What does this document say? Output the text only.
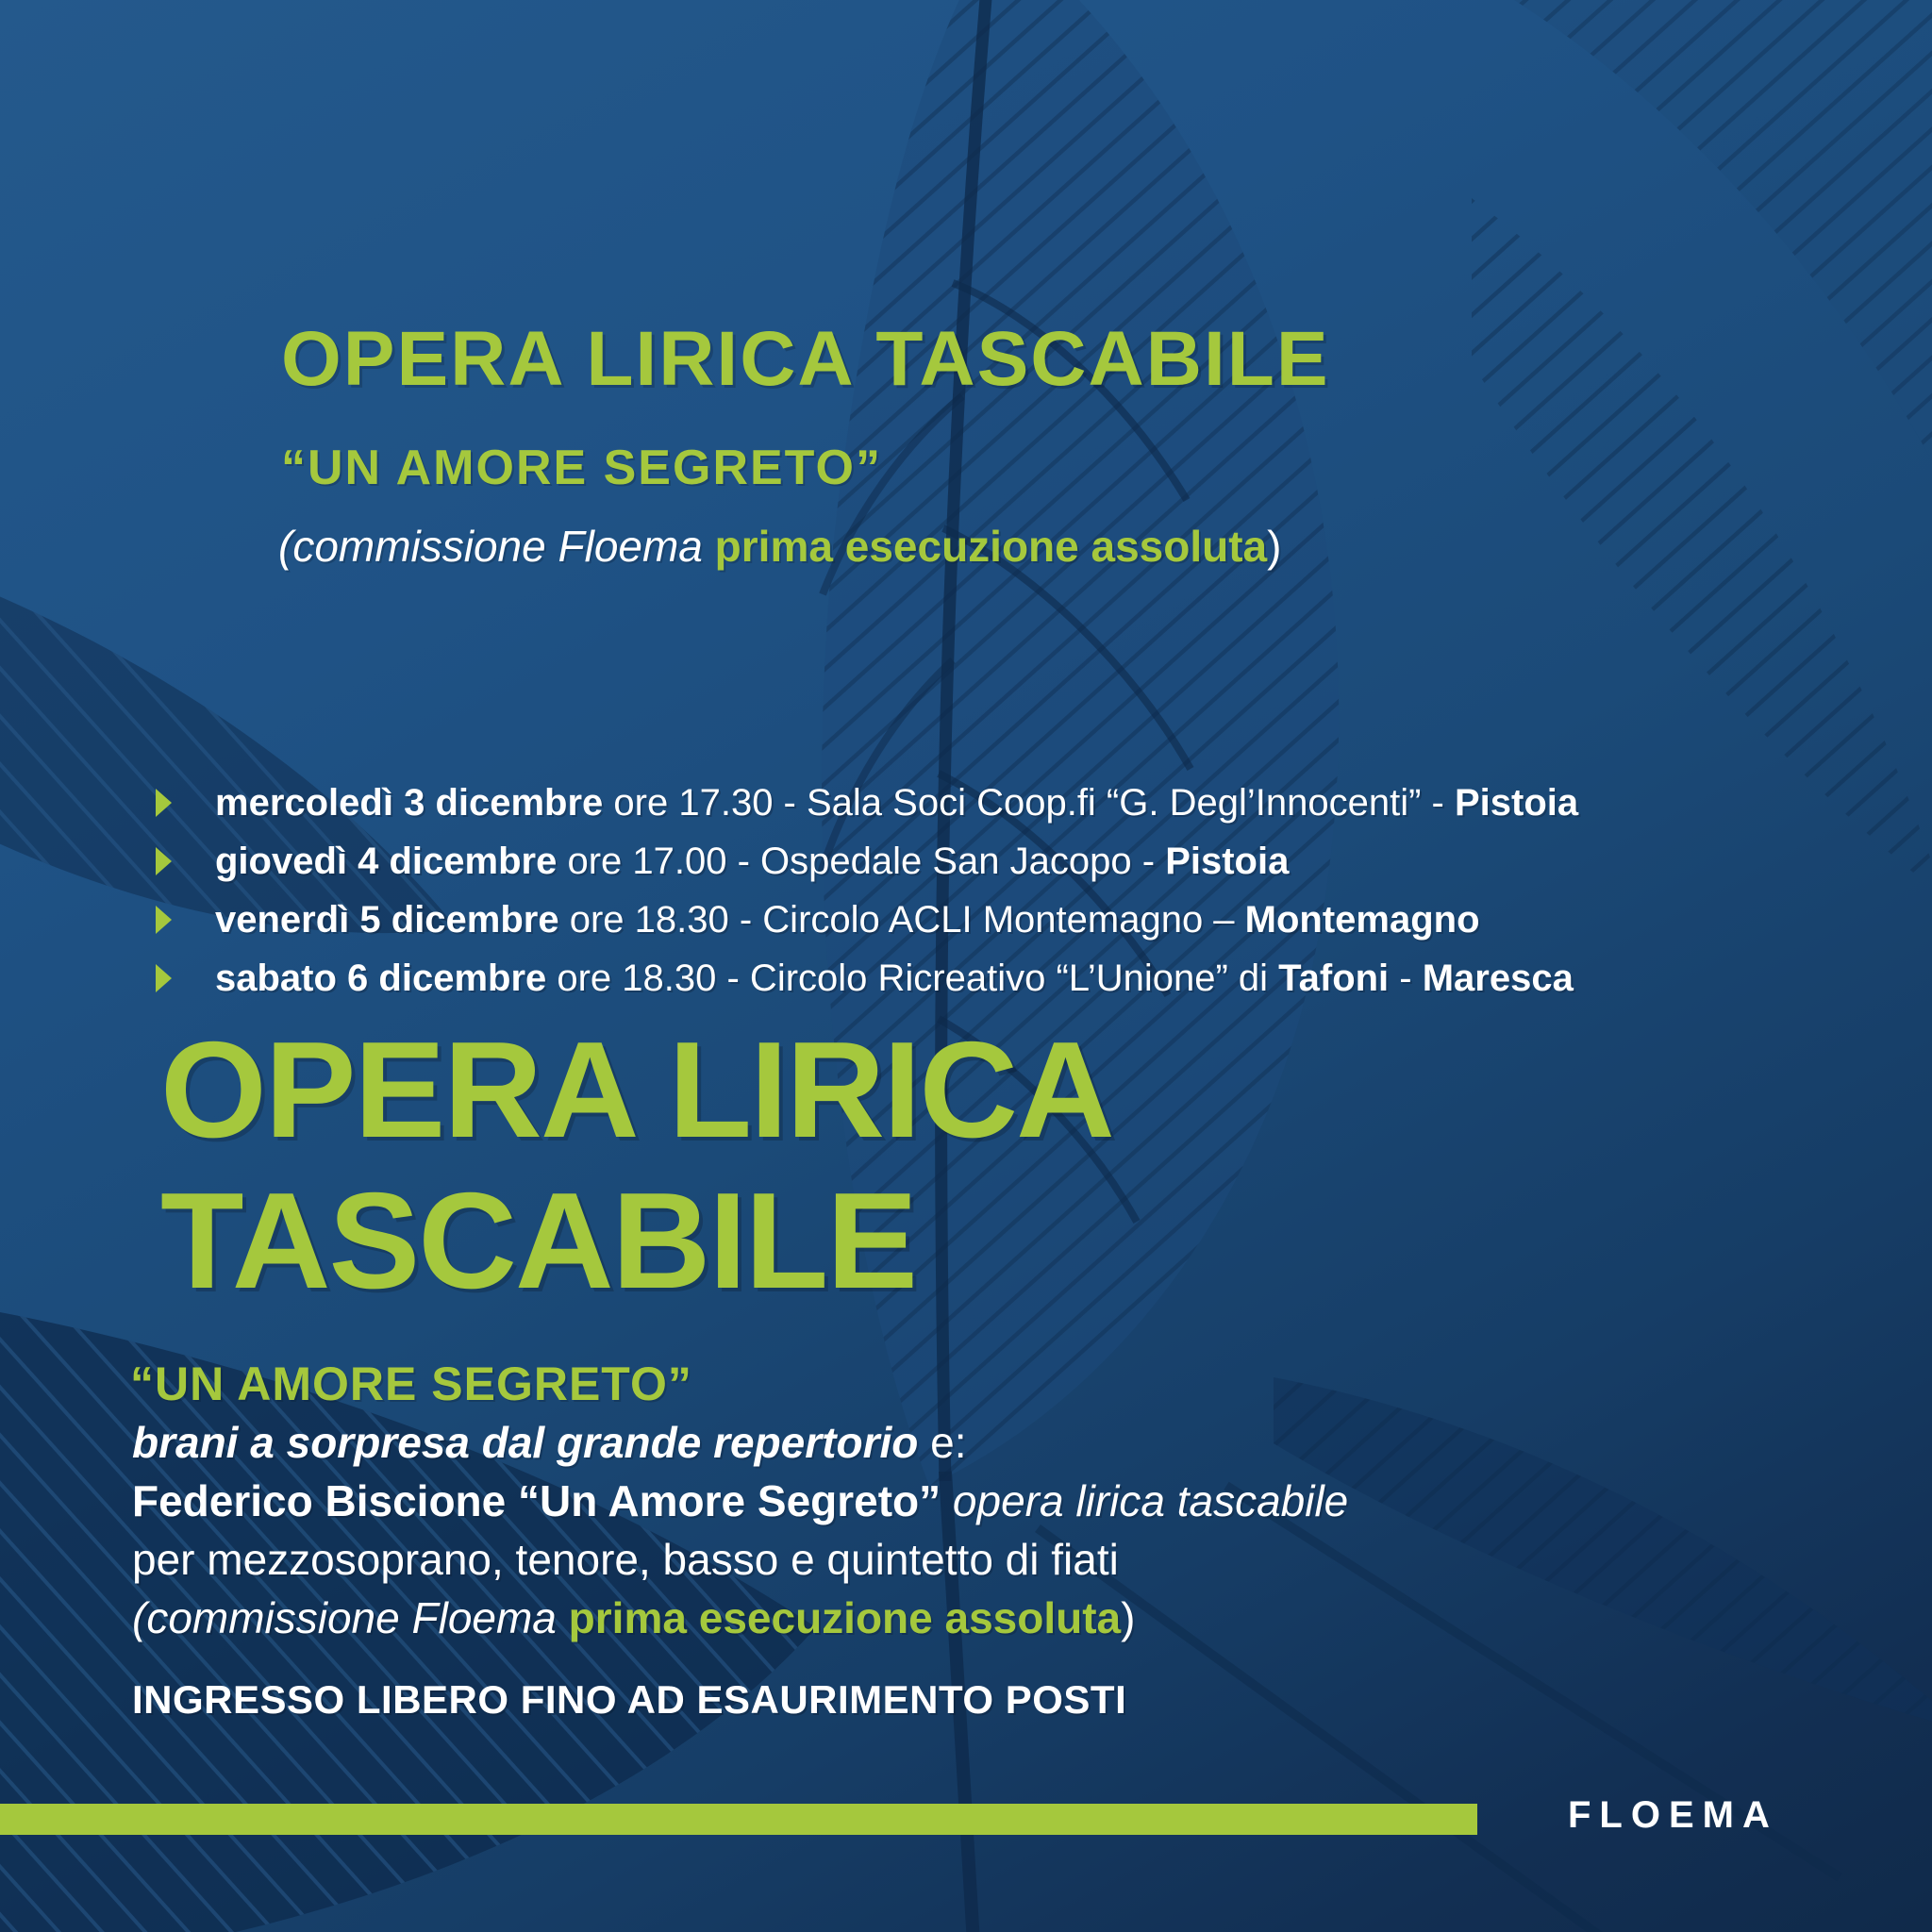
OPERA LIRICA TASCABILE
“UN AMORE SEGRETO”
(commissione Floema prima esecuzione assoluta)
mercoledì 3 dicembre ore 17.30 - Sala Soci Coop.fi “G. Degl’Innocenti” - Pistoia
giovedì 4 dicembre ore 17.00 - Ospedale San Jacopo - Pistoia
venerdì 5 dicembre ore 18.30 - Circolo ACLI Montemagno – Montemagno
sabato 6 dicembre ore 18.30 - Circolo Ricreativo “L’Unione” di Tafoni - Maresca
OPERA LIRICA
TASCABILE
“UN AMORE SEGRETO”
brani a sorpresa dal grande repertorio e:
Federico Biscione “Un Amore Segreto” opera lirica tascabile
per mezzosoprano, tenore, basso e quintetto di fiati
(commissione Floema prima esecuzione assoluta)
INGRESSO LIBERO FINO AD ESAURIMENTO POSTI
FLOEMA
